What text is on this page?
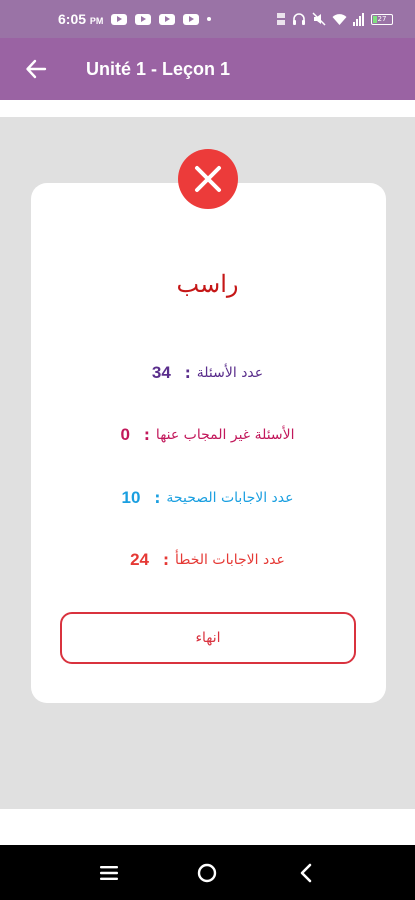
6:05 PM	27
Unité 1 - Leçon 1
راسب
عدد الأسئلة
:
34
الأسئلة غير المجاب عنها
:
0
عدد الاجابات الصحيحة
:
10
عدد الاجابات الخطأ
:
24
انهاء
